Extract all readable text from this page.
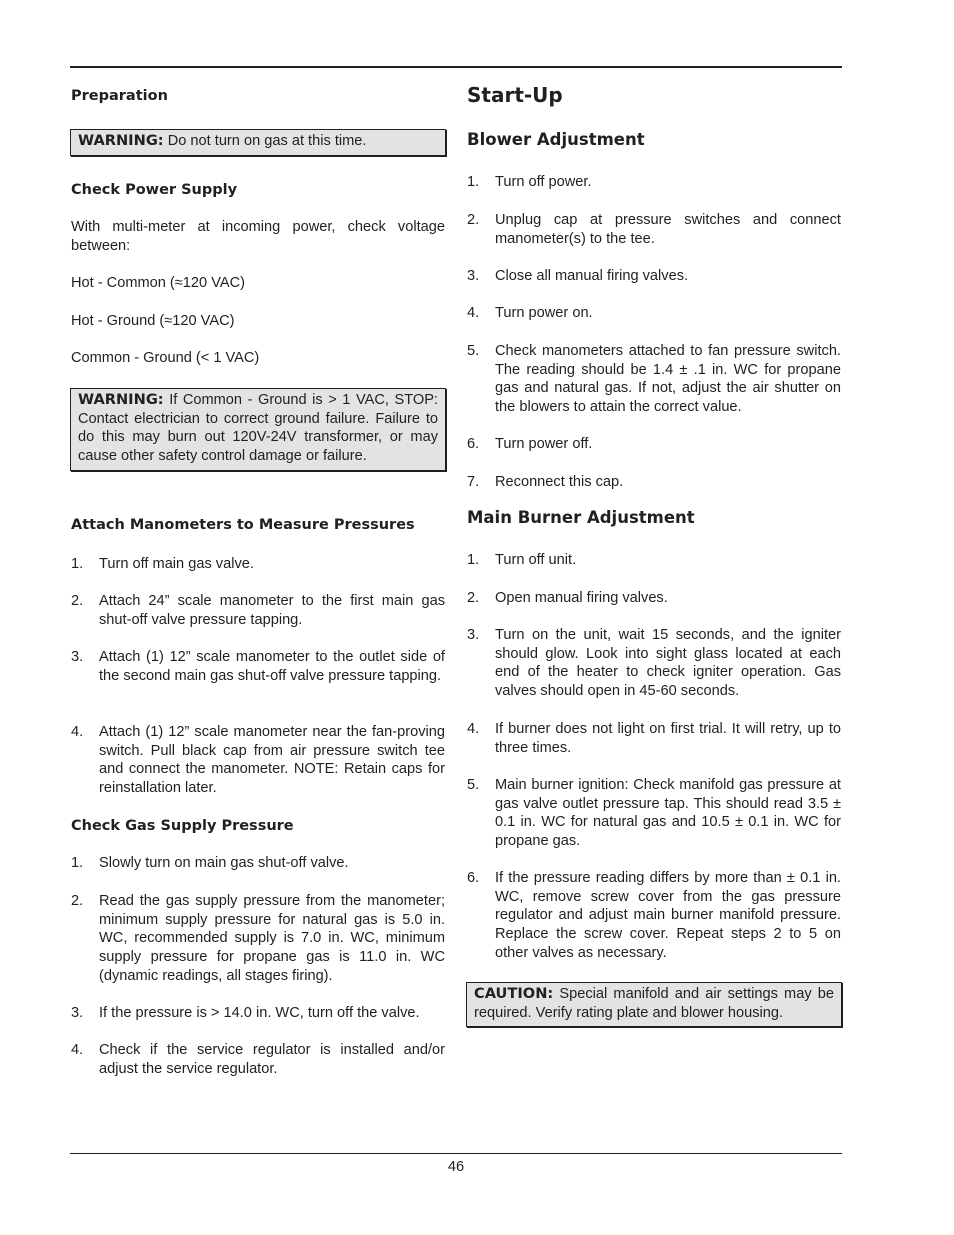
Preparation
WARNING: Do not turn on gas at this time.
Check Power Supply
With multi-meter at incoming power, check voltage between:
Hot - Common (≈120 VAC)
Hot - Ground (≈120 VAC)
Common - Ground (< 1 VAC)
WARNING: If Common - Ground is > 1 VAC, STOP: Contact electrician to correct ground failure. Failure to do this may burn out 120V-24V transformer, or may cause other safety control damage or failure.
Attach Manometers to Measure Pressures
1. Turn off main gas valve.
2. Attach 24” scale manometer to the first main gas shut-off valve pressure tapping.
3. Attach (1) 12” scale manometer to the outlet side of the second main gas shut-off valve pressure tapping.
4. Attach (1) 12” scale manometer near the fan-proving switch. Pull black cap from air pressure switch tee and connect the manometer. NOTE: Retain caps for reinstallation later.
Check Gas Supply Pressure
1. Slowly turn on main gas shut-off valve.
2. Read the gas supply pressure from the manometer; minimum supply pressure for natural gas is 5.0 in. WC, recommended supply is 7.0 in. WC, minimum supply pressure for propane gas is 11.0 in. WC (dynamic readings, all stages firing).
3. If the pressure is > 14.0 in. WC, turn off the valve.
4. Check if the service regulator is installed and/or adjust the service regulator.
Start-Up
Blower Adjustment
1. Turn off power.
2. Unplug cap at pressure switches and connect manometer(s) to the tee.
3. Close all manual firing valves.
4. Turn power on.
5. Check manometers attached to fan pressure switch. The reading should be 1.4 ± .1 in. WC for propane gas and natural gas. If not, adjust the air shutter on the blowers to attain the correct value.
6. Turn power off.
7. Reconnect this cap.
Main Burner Adjustment
1. Turn off unit.
2. Open manual firing valves.
3. Turn on the unit, wait 15 seconds, and the igniter should glow. Look into sight glass located at each end of the heater to check igniter operation. Gas valves should open in 45-60 seconds.
4. If burner does not light on first trial. It will retry, up to three times.
5. Main burner ignition: Check manifold gas pressure at gas valve outlet pressure tap. This should read 3.5 ± 0.1 in. WC for natural gas and 10.5 ± 0.1 in. WC for propane gas.
6. If the pressure reading differs by more than ± 0.1 in. WC, remove screw cover from the gas pressure regulator and adjust main burner manifold pressure. Replace the screw cover. Repeat steps 2 to 5 on other valves as necessary.
CAUTION: Special manifold and air settings may be required. Verify rating plate and blower housing.
46
